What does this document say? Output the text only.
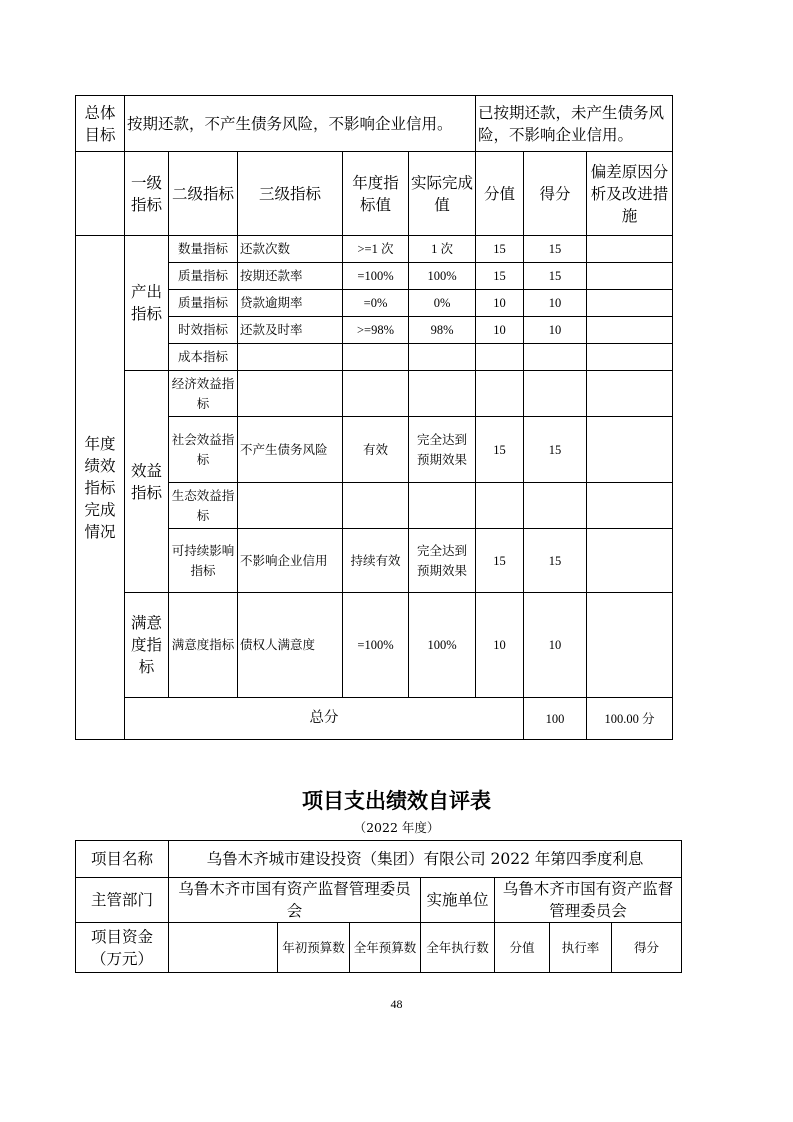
总体目标	按期还款，不产生债务风险，不影响企业信用。					已按期还款，未产生债务风险，不影响企业信用。			
	一级指标	二级指标	三级指标	年度指标值	实际完成值	分值	得分	偏差原因分析及改进措施	
年度绩效指标完成情况	产出指标	数量指标	还款次数	>=1 次	1 次	15	15		
		质量指标	按期还款率	=100%	100%	15	15		
		质量指标	贷款逾期率	=0%	0%	10	10		
		时效指标	还款及时率	>=98%	98%	10	10		
		成本指标							
	效益指标	经济效益指标							
		社会效益指标	不产生债务风险	有效	完全达到预期效果	15	15		
		生态效益指标							
		可持续影响指标	不影响企业信用	持续有效	完全达到预期效果	15	15		
	满意度指标	满意度指标	债权人满意度	=100%	100%	10	10		
	总分						100	100.00 分	
项目支出绩效自评表
（2022 年度）
项目名称	乌鲁木齐城市建设投资（集团）有限公司 2022 年第四季度利息						
主管部门	乌鲁木齐市国有资产监督管理委员会			实施单位	乌鲁木齐市国有资产监督管理委员会		
项目资金（万元）		年初预算数	全年预算数	全年执行数	分值	执行率	得分
48
